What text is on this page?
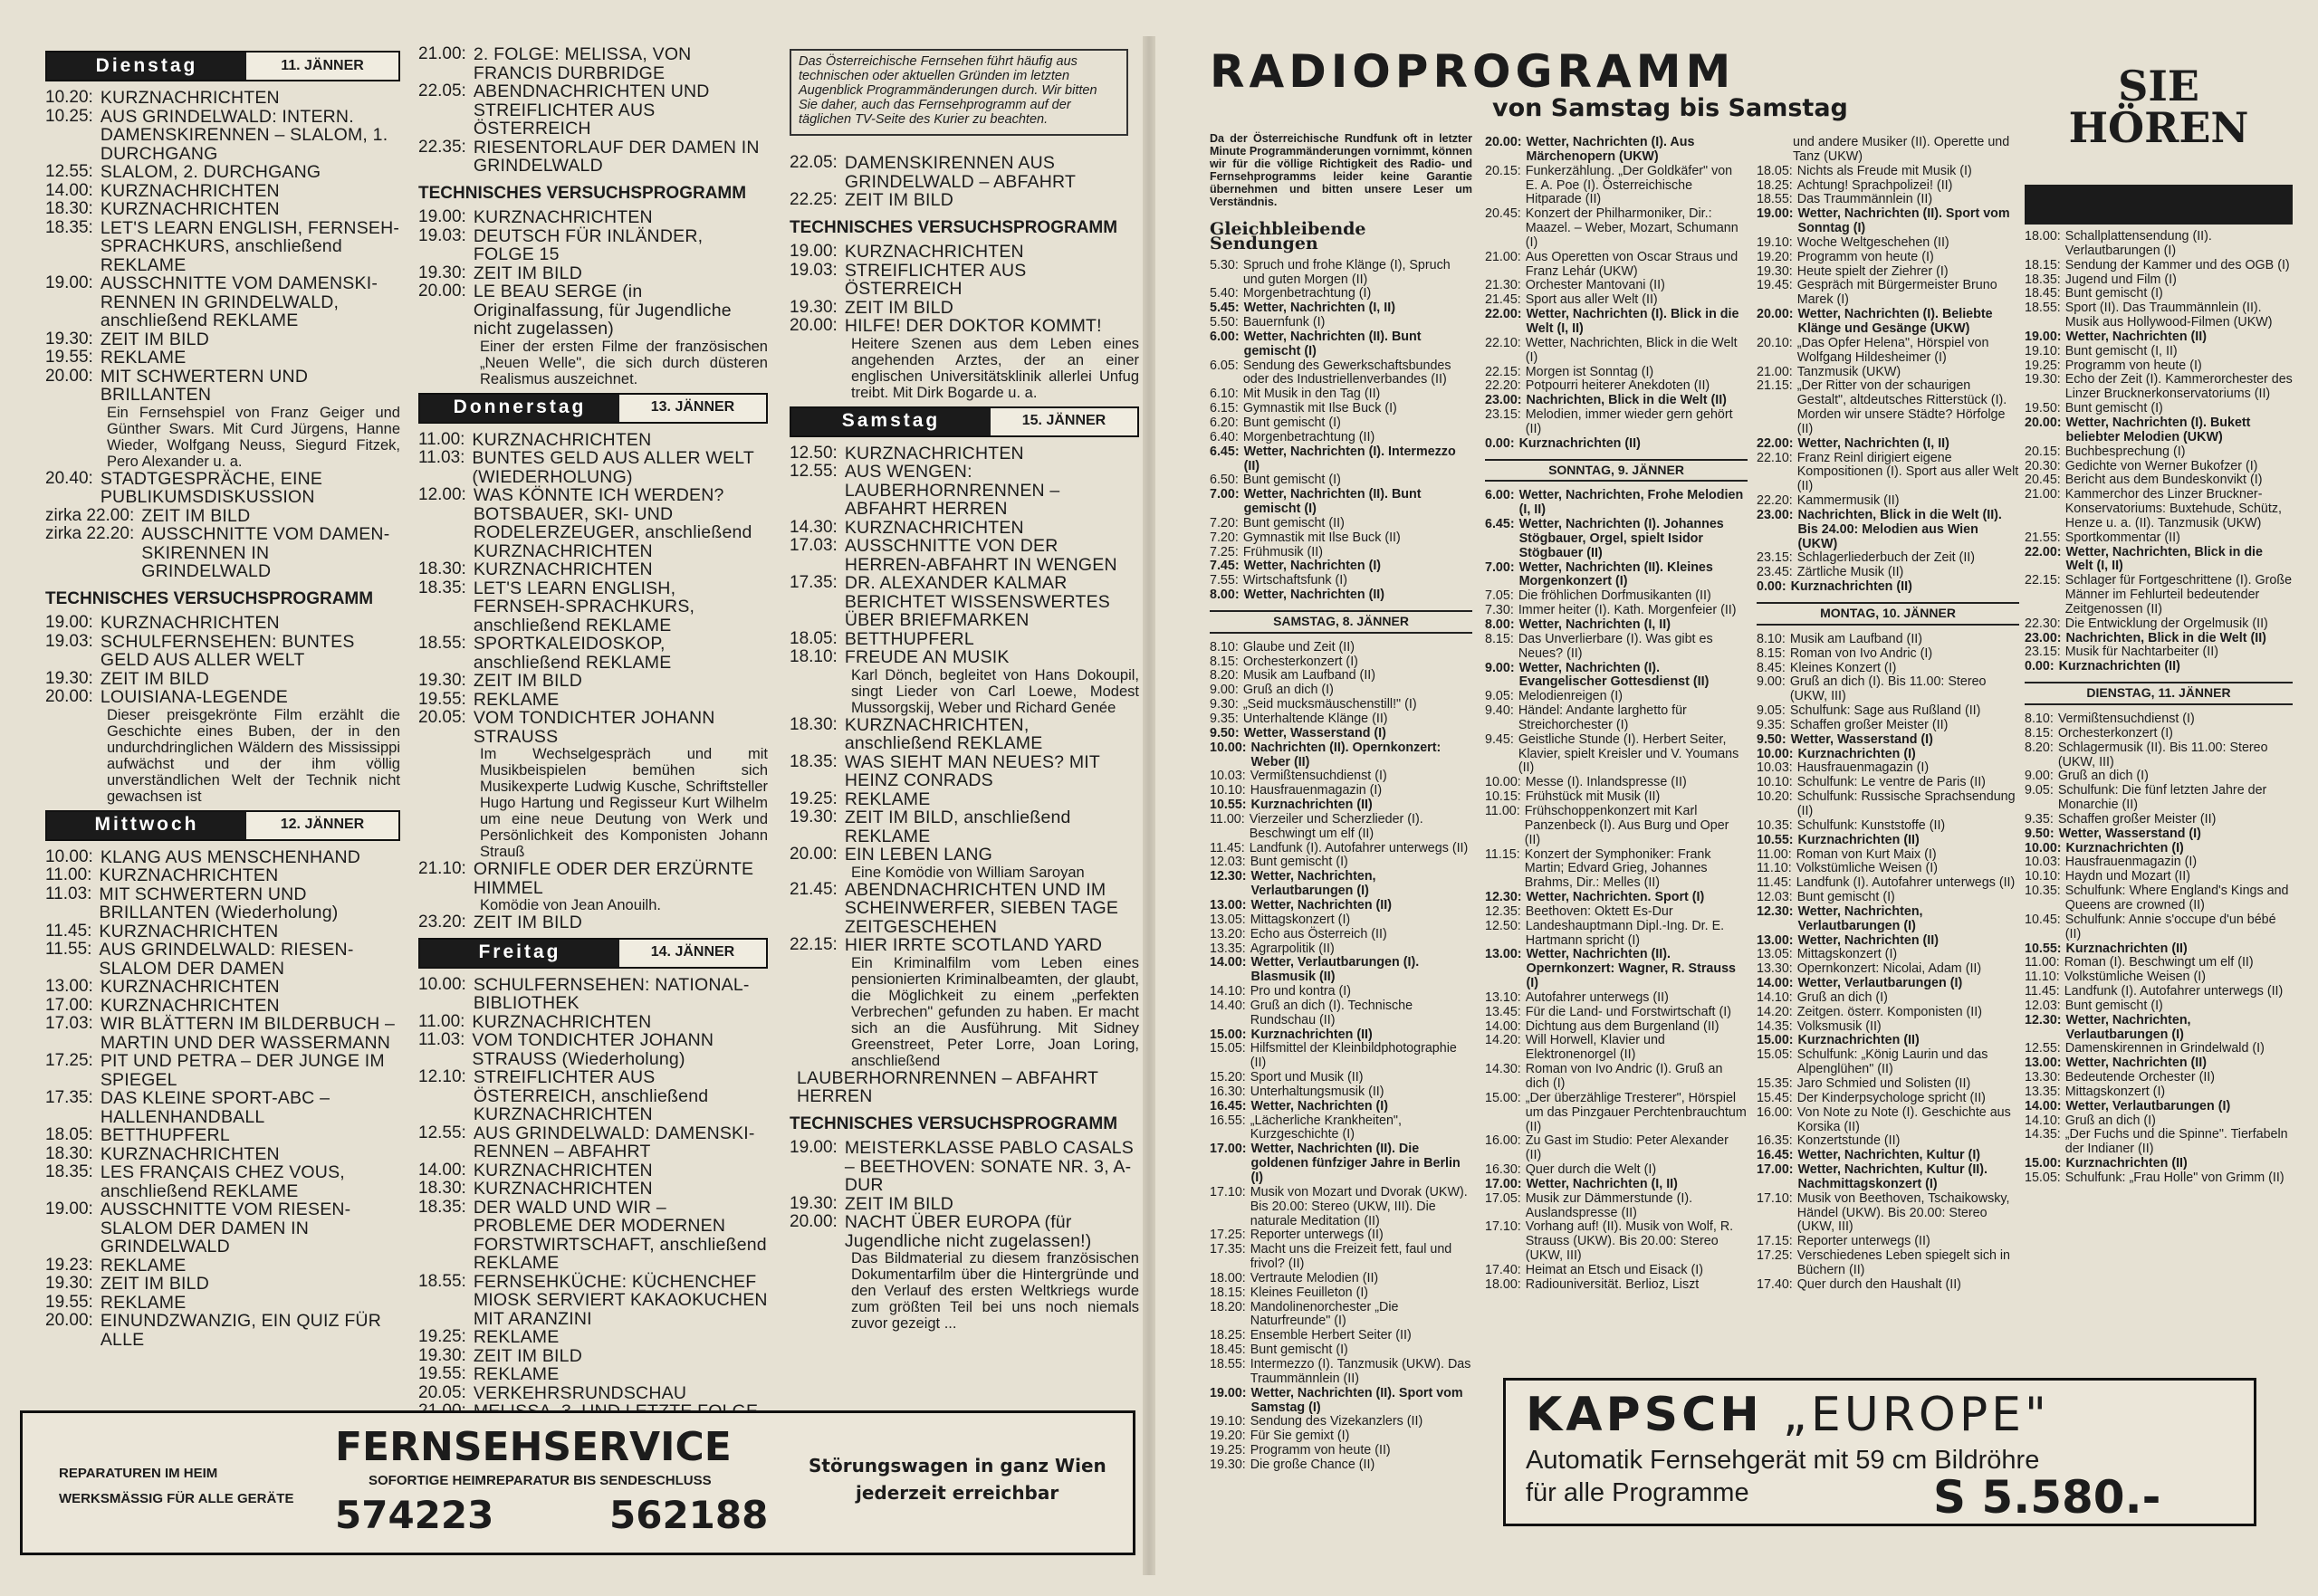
Dienstag	11. JÄNNER
10.20: KURZNACHRICHTEN
10.25: AUS GRINDELWALD: INTERN. DAMENSKIRENNEN – SLALOM, 1. DURCHGANG
12.55: SLALOM, 2. DURCHGANG
14.00: KURZNACHRICHTEN
18.30: KURZNACHRICHTEN
18.35: LET'S LEARN ENGLISH, FERNSEH-SPRACHKURS, anschließend REKLAME
19.00: AUSSCHNITTE VOM DAMENSKI-RENNEN IN GRINDELWALD, anschließend REKLAME
19.30: ZEIT IM BILD
19.55: REKLAME
20.00: MIT SCHWERTERN UND BRILLANTEN
Ein Fernsehspiel von Franz Geiger und Günther Swars. Mit Curd Jürgens, Hanne Wieder, Wolfgang Neuss, Siegurd Fitzek, Pero Alexander u. a.
20.40: STADTGESPRÄCHE, EINE PUBLIKUMSDISKUSSION
zirka 22.00: ZEIT IM BILD
zirka 22.20: AUSSCHNITTE VOM DAMEN-SKIRENNEN IN GRINDELWALD
TECHNISCHES VERSUCHSPROGRAMM
19.00: KURZNACHRICHTEN
19.03: SCHULFERNSEHEN: BUNTES GELD AUS ALLER WELT
19.30: ZEIT IM BILD
20.00: LOUISIANA-LEGENDE
Dieser preisgekrönte Film erzählt die Geschichte eines Buben, der in den undurchdringlichen Wäldern des Mississippi aufwächst und der ihm völlig unverständlichen Welt der Technik nicht gewachsen ist
Mittwoch	12. JÄNNER
10.00: KLANG AUS MENSCHENHAND
11.00: KURZNACHRICHTEN
11.03: MIT SCHWERTERN UND BRILLANTEN (Wiederholung)
11.45: KURZNACHRICHTEN
11.55: AUS GRINDELWALD: RIESEN-SLALOM DER DAMEN
13.00: KURZNACHRICHTEN
17.00: KURZNACHRICHTEN
17.03: WIR BLÄTTERN IM BILDERBUCH – MARTIN UND DER WASSERMANN
17.25: PIT UND PETRA – DER JUNGE IM SPIEGEL
17.35: DAS KLEINE SPORT-ABC – HALLENHANDBALL
18.05: BETTHUPFERL
18.30: KURZNACHRICHTEN
18.35: LES FRANÇAIS CHEZ VOUS, anschließend REKLAME
19.00: AUSSCHNITTE VOM RIESEN-SLALOM DER DAMEN IN GRINDELWALD
19.23: REKLAME
19.30: ZEIT IM BILD
19.55: REKLAME
20.00: EINUNDZWANZIG, EIN QUIZ FÜR ALLE
21.00: 2. FOLGE: MELISSA, VON FRANCIS DURBRIDGE
22.05: ABENDNACHRICHTEN UND STREIFLICHTER AUS ÖSTERREICH
22.35: RIESENTORLAUF DER DAMEN IN GRINDELWALD
TECHNISCHES VERSUCHSPROGRAMM
19.00: KURZNACHRICHTEN
19.03: DEUTSCH FÜR INLÄNDER, FOLGE 15
19.30: ZEIT IM BILD
20.00: LE BEAU SERGE (in Originalfassung, für Jugendliche nicht zugelassen)
Einer der ersten Filme der französischen „Neuen Welle", die sich durch düsteren Realismus auszeichnet.
Donnerstag	13. JÄNNER
11.00: KURZNACHRICHTEN
11.03: BUNTES GELD AUS ALLER WELT (WIEDERHOLUNG)
12.00: WAS KÖNNTE ICH WERDEN? BOTSBAUER, SKI- UND RODELERZEUGER, anschließend KURZNACHRICHTEN
18.30: KURZNACHRICHTEN
18.35: LET'S LEARN ENGLISH, FERNSEH-SPRACHKURS, anschließend REKLAME
18.55: SPORTKALEIDOSKOP, anschließend REKLAME
19.30: ZEIT IM BILD
19.55: REKLAME
20.05: VOM TONDICHTER JOHANN STRAUSS
Im Wechselgespräch und mit Musikbeispielen bemühen sich Musikexperte Ludwig Kusche, Schriftsteller Hugo Hartung und Regisseur Kurt Wilhelm um eine neue Deutung von Werk und Persönlichkeit des Komponisten Johann Strauß
21.10: ORNIFLE ODER DER ERZÜRNTE HIMMEL
Komödie von Jean Anouilh.
23.20: ZEIT IM BILD
Freitag	14. JÄNNER
10.00: SCHULFERNSEHEN: NATIONAL-BIBLIOTHEK
11.00: KURZNACHRICHTEN
11.03: VOM TONDICHTER JOHANN STRAUSS (Wiederholung)
12.10: STREIFLICHTER AUS ÖSTERREICH, anschließend KURZNACHRICHTEN
12.55: AUS GRINDELWALD: DAMENSKI-RENNEN – ABFAHRT
14.00: KURZNACHRICHTEN
18.30: KURZNACHRICHTEN
18.35: DER WALD UND WIR – PROBLEME DER MODERNEN FORSTWIRTSCHAFT, anschließend REKLAME
18.55: FERNSEHKÜCHE: KÜCHENCHEF MIOSK SERVIERT KAKAOKUCHEN MIT ARANZINI
19.25: REKLAME
19.30: ZEIT IM BILD
19.55: REKLAME
20.05: VERKEHRSRUNDSCHAU
Das Österreichische Fernsehen führt häufig aus technischen oder aktuellen Gründen im letzten Augenblick Programmänderungen durch. Wir bitten Sie daher, auch das Fernsehprogramm auf der täglichen TV-Seite des Kurier zu beachten.
22.05: DAMENSKIRENNEN AUS GRINDELWALD – ABFAHRT
22.25: ZEIT IM BILD
TECHNISCHES VERSUCHSPROGRAMM
19.00: KURZNACHRICHTEN
19.03: STREIFLICHTER AUS ÖSTERREICH
19.30: ZEIT IM BILD
20.00: HILFE! DER DOKTOR KOMMT!
Heitere Szenen aus dem Leben eines angehenden Arztes, der an einer englischen Universitätsklinik allerlei Unfug treibt. Mit Dirk Bogarde u. a.
Samstag	15. JÄNNER
12.50: KURZNACHRICHTEN
12.55: AUS WENGEN: LAUBERHORNRENNEN – ABFAHRT HERREN
14.30: KURZNACHRICHTEN
17.03: AUSSCHNITTE VON DER HERREN-ABFAHRT IN WENGEN
17.35: DR. ALEXANDER KALMAR BERICHTET WISSENSWERTES ÜBER BRIEFMARKEN
18.05: BETTHUPFERL
18.10: FREUDE AN MUSIK
Karl Dönch, begleitet von Hans Dokoupil, singt Lieder von Carl Loewe, Modest Mussorgskij, Weber und Richard Genée
18.30: KURZNACHRICHTEN, anschließend REKLAME
18.35: WAS SIEHT MAN NEUES? MIT HEINZ CONRADS
19.25: REKLAME
19.30: ZEIT IM BILD, anschließend REKLAME
20.00: EIN LEBEN LANG
Eine Komödie von William Saroyan
21.45: ABENDNACHRICHTEN UND IM SCHEINWERFER, SIEBEN TAGE ZEITGESCHEHEN
22.15: HIER IRRTE SCOTLAND YARD
Ein Kriminalfilm vom Leben eines pensionierten Kriminalbeamten, der glaubt, die Möglichkeit zu einem „perfekten Verbrechen" gefunden zu haben. Er macht sich an die Ausführung. Mit Sidney Greenstreet, Peter Lorre, Joan Loring, anschließend
LAUBERHORNRENNEN – ABFAHRT HERREN
TECHNISCHES VERSUCHSPROGRAMM
19.00: MEISTERKLASSE PABLO CASALS – BEETHOVEN: SONATE NR. 3, A-DUR
19.30: ZEIT IM BILD
20.00: NACHT ÜBER EUROPA (für Jugendliche nicht zugelassen!)
Das Bildmaterial zu diesem französischen Dokumentarfilm über die Hintergründe und den Verlauf des ersten Weltkriegs wurde zum größten Teil bei uns noch niemals zuvor gezeigt ...
RADIOPROGRAMM
von Samstag bis Samstag	SIE
HÖREN
Da der Österreichische Rundfunk oft in letzter Minute Programmänderungen vornimmt, können wir für die völlige Richtigkeit des Radio- und Fernsehprogramms leider keine Garantie übernehmen und bitten unsere Leser um Verständnis.
Gleichbleibende Sendungen
5.30: Spruch und frohe Klänge (I), Spruch und guten Morgen (II)
5.40: Morgenbetrachtung (I)
5.45: Wetter, Nachrichten (I, II)
5.50: Bauernfunk (I)
6.00: Wetter, Nachrichten (II). Bunt gemischt (I)
6.05: Sendung des Gewerkschaftsbundes oder des Industriellenverbandes (II)
6.10: Mit Musik in den Tag (II)
6.15: Gymnastik mit Ilse Buck (I)
6.20: Bunt gemischt (I)
6.40: Morgenbetrachtung (II)
6.45: Wetter, Nachrichten (I). Intermezzo (II)
6.50: Bunt gemischt (I)
7.00: Wetter, Nachrichten (II). Bunt gemischt (I)
7.20: Bunt gemischt (II)
7.20: Gymnastik mit Ilse Buck (II)
7.25: Frühmusik (II)
7.45: Wetter, Nachrichten (I)
7.55: Wirtschaftsfunk (I)
8.00: Wetter, Nachrichten (II)
SAMSTAG, 8. JÄNNER
8.10: Glaube und Zeit (II)
8.15: Orchesterkonzert (I)
8.20: Musik am Laufband (II)
9.00: Gruß an dich (I)
9.30: „Seid mucksmäuschenstill!" (I)
9.35: Unterhaltende Klänge (II)
9.50: Wetter, Wasserstand (I)
10.00: Nachrichten (II). Opernkonzert: Weber (II)
10.03: Vermißtensuchdienst (I)
10.10: Hausfrauenmagazin (I)
10.55: Kurznachrichten (II)
11.00: Vierzeiler und Scherzlieder (I). Beschwingt um elf (II)
11.45: Landfunk (I). Autofahrer unterwegs (II)
12.03: Bunt gemischt (I)
12.30: Wetter, Nachrichten, Verlautbarungen (I)
13.00: Wetter, Nachrichten (II)
13.05: Mittagskonzert (I)
13.20: Echo aus Österreich (II)
13.35: Agrarpolitik (II)
14.00: Wetter, Verlautbarungen (I). Blasmusik (II)
14.10: Pro und kontra (I)
14.40: Gruß an dich (I). Technische Rundschau (II)
15.00: Kurznachrichten (II)
15.05: Hilfsmittel der Kleinbildphotographie (II)
15.20: Sport und Musik (II)
16.30: Unterhaltungsmusik (II)
16.45: Wetter, Nachrichten (I)
16.55: „Lächerliche Krankheiten", Kurzgeschichte (I)
17.00: Wetter, Nachrichten (II). Die goldenen fünfziger Jahre in Berlin (I)
17.10: Musik von Mozart und Dvorak (UKW). Bis 20.00: Stereo (UKW, III). Die naturale Meditation (II)
17.25: Reporter unterwegs (II)
17.35: Macht uns die Freizeit fett, faul und frivol? (II)
18.00: Vertraute Melodien (II)
18.15: Kleines Feuilleton (I)
18.20: Mandolinenorchester „Die Naturfreunde" (I)
18.25: Ensemble Herbert Seiter (II)
18.45: Bunt gemischt (I)
18.55: Intermezzo (I). Tanzmusik (UKW). Das Traummännlein (II)
19.00: Wetter, Nachrichten (II). Sport vom Samstag (I)
19.10: Sendung des Vizekanzlers (II)
19.20: Für Sie gemixt (I)
19.25: Programm von heute (II)
19.30: Die große Chance (II)
20.00: Wetter, Nachrichten (I). Aus Märchenopern (UKW)
20.15: Funkerzählung. „Der Goldkäfer" von E. A. Poe (I). Österreichische Hitparade (II)
20.45: Konzert der Philharmoniker, Dir.: Maazel. – Weber, Mozart, Schumann (I)
21.00: Aus Operetten von Oscar Straus und Franz Lehár (UKW)
21.30: Orchester Mantovani (II)
21.45: Sport aus aller Welt (II)
22.00: Wetter, Nachrichten (I). Blick in die Welt (I, II)
22.10: Wetter, Nachrichten, Blick in die Welt (I)
22.15: Morgen ist Sonntag (I)
22.20: Potpourri heiterer Anekdoten (II)
23.00: Nachrichten, Blick in die Welt (II)
23.15: Melodien, immer wieder gern gehört (II)
0.00: Kurznachrichten (II)
SONNTAG, 9. JÄNNER
6.00: Wetter, Nachrichten, Frohe Melodien (I, II)
6.45: Wetter, Nachrichten (I). Johannes Stögbauer, Orgel, spielt Isidor Stögbauer (II)
7.00: Wetter, Nachrichten (II). Kleines Morgenkonzert (I)
7.05: Die fröhlichen Dorfmusikanten (II)
7.30: Immer heiter (I). Kath. Morgenfeier (II)
8.00: Wetter, Nachrichten (I, II)
8.15: Das Unverlierbare (I). Was gibt es Neues? (II)
9.00: Wetter, Nachrichten (I). Evangelischer Gottesdienst (II)
9.05: Melodienreigen (I)
9.40: Händel: Andante larghetto für Streichorchester (I)
9.45: Geistliche Stunde (I). Herbert Seiter, Klavier, spielt Kreisler und V. Youmans (II)
10.00: Messe (I). Inlandspresse (II)
10.15: Frühstück mit Musik (II)
11.00: Frühschoppenkonzert mit Karl Panzenbeck (I). Aus Burg und Oper (II)
11.15: Konzert der Symphoniker: Frank Martin; Edvard Grieg, Johannes Brahms, Dir.: Melles (II)
12.30: Wetter, Nachrichten. Sport (I)
12.35: Beethoven: Oktett Es-Dur
12.50: Landeshauptmann Dipl.-Ing. Dr. E. Hartmann spricht (I)
13.00: Wetter, Nachrichten (II). Opernkonzert: Wagner, R. Strauss (I)
13.10: Autofahrer unterwegs (II)
13.45: Für die Land- und Forstwirtschaft (I)
14.00: Dichtung aus dem Burgenland (II)
14.20: Will Horwell, Klavier und Elektronenorgel (II)
14.30: Roman von Ivo Andric (I). Gruß an dich (I)
15.00: „Der überzählige Tresterer", Hörspiel um das Pinzgauer Perchtenbrauchtum (II)
16.00: Zu Gast im Studio: Peter Alexander (II)
16.30: Quer durch die Welt (I)
17.00: Wetter, Nachrichten (I, II)
17.05: Musik zur Dämmerstunde (I). Auslandspresse (II)
17.10: Vorhang auf! (II). Musik von Wolf, R. Strauss (UKW). Bis 20.00: Stereo (UKW, III)
17.40: Heimat an Etsch und Eisack (I)
18.00: Radiouniversität. Berlioz, Liszt
und andere Musiker (II). Operette und Tanz (UKW)
18.05: Nichts als Freude mit Musik (I)
18.25: Achtung! Sprachpolizei! (II)
18.55: Das Traummännlein (II)
19.00: Wetter, Nachrichten (II). Sport vom Sonntag (I)
19.10: Woche Weltgeschehen (II)
19.20: Programm von heute (I)
19.30: Heute spielt der Ziehrer (I)
19.45: Gespräch mit Bürgermeister Bruno Marek (I)
20.00: Wetter, Nachrichten (I). Beliebte Klänge und Gesänge (UKW)
20.10: „Das Opfer Helena", Hörspiel von Wolfgang Hildesheimer (I)
21.00: Tanzmusik (UKW)
21.15: „Der Ritter von der schaurigen Gestalt", altdeutsches Ritterstück (I). Morden wir unsere Städte? Hörfolge (II)
22.00: Wetter, Nachrichten (I, II)
22.10: Franz Reinl dirigiert eigene Kompositionen (I). Sport aus aller Welt (II)
22.20: Kammermusik (II)
23.00: Nachrichten, Blick in die Welt (II). Bis 24.00: Melodien aus Wien (UKW)
23.15: Schlagerliederbuch der Zeit (II)
23.45: Zärtliche Musik (II)
0.00: Kurznachrichten (II)
MONTAG, 10. JÄNNER
8.10: Musik am Laufband (II)
8.15: Roman von Ivo Andric (I)
8.45: Kleines Konzert (I)
9.00: Gruß an dich (I). Bis 11.00: Stereo (UKW, III)
9.05: Schulfunk: Sage aus Rußland (II)
9.35: Schaffen großer Meister (II)
9.50: Wetter, Wasserstand (I)
10.00: Kurznachrichten (I)
10.03: Hausfrauenmagazin (I)
10.10: Schulfunk: Le ventre de Paris (II)
10.20: Schulfunk: Russische Sprachsendung (II)
10.35: Schulfunk: Kunststoffe (II)
10.55: Kurznachrichten (II)
11.00: Roman von Kurt Maix (I)
11.10: Volkstümliche Weisen (I)
11.45: Landfunk (I). Autofahrer unterwegs (II)
12.03: Bunt gemischt (I)
12.30: Wetter, Nachrichten, Verlautbarungen (I)
13.00: Wetter, Nachrichten (II)
13.05: Mittagskonzert (I)
13.30: Opernkonzert: Nicolai, Adam (II)
14.00: Wetter, Verlautbarungen (I)
14.10: Gruß an dich (I)
14.20: Zeitgen. österr. Komponisten (II)
14.35: Volksmusik (II)
15.00: Kurznachrichten (II)
15.05: Schulfunk: „König Laurin und das Alpenglühen" (II)
15.35: Jaro Schmied und Solisten (II)
15.45: Der Kinderpsychologe spricht (II)
16.00: Von Note zu Note (I). Geschichte aus Korsika (II)
16.35: Konzertstunde (II)
16.45: Wetter, Nachrichten, Kultur (I)
17.00: Wetter, Nachrichten, Kultur (II). Nachmittagskonzert (I)
17.10: Musik von Beethoven, Tschaikowsky, Händel (UKW). Bis 20.00: Stereo (UKW, III)
17.15: Reporter unterwegs (II)
17.25: Verschiedenes Leben spiegelt sich in Büchern (II)
17.40: Quer durch den Haushalt (II)
18.00: Schallplattensendung (II). Verlautbarungen (I)
18.15: Sendung der Kammer und des OGB (I)
18.35: Jugend und Film (I)
18.45: Bunt gemischt (I)
18.55: Sport (II). Das Traummännlein (II). Musik aus Hollywood-Filmen (UKW)
19.00: Wetter, Nachrichten (II)
19.10: Bunt gemischt (I, II)
19.25: Programm von heute (I)
19.30: Echo der Zeit (I). Kammerorchester des Linzer Brucknerkonservatoriums (II)
19.50: Bunt gemischt (I)
20.00: Wetter, Nachrichten (I). Bukett beliebter Melodien (UKW)
20.15: Buchbesprechung (I)
20.30: Gedichte von Werner Bukofzer (I)
20.45: Bericht aus dem Bundeskonvikt (I)
21.00: Kammerchor des Linzer Bruckner-Konservatoriums: Buxtehude, Schütz, Henze u. a. (II). Tanzmusik (UKW)
21.55: Sportkommentar (II)
22.00: Wetter, Nachrichten, Blick in die Welt (I, II)
22.15: Schlager für Fortgeschrittene (I). Große Männer im Fehlurteil bedeutender Zeitgenossen (II)
22.30: Die Entwicklung der Orgelmusik (II)
23.00: Nachrichten, Blick in die Welt (II)
23.15: Musik für Nachtarbeiter (II)
0.00: Kurznachrichten (II)
DIENSTAG, 11. JÄNNER
8.10: Vermißtensuchdienst (I)
8.15: Orchesterkonzert (I)
8.20: Schlagermusik (II). Bis 11.00: Stereo (UKW, III)
9.00: Gruß an dich (I)
9.05: Schulfunk: Die fünf letzten Jahre der Monarchie (II)
9.35: Schaffen großer Meister (II)
9.50: Wetter, Wasserstand (I)
10.00: Kurznachrichten (I)
10.03: Hausfrauenmagazin (I)
10.10: Haydn und Mozart (II)
10.35: Schulfunk: Where England's Kings and Queens are crowned (II)
10.45: Schulfunk: Annie s'occupe d'un bébé (II)
10.55: Kurznachrichten (II)
11.00: Roman (I). Beschwingt um elf (II)
11.10: Volkstümliche Weisen (I)
11.45: Landfunk (I). Autofahrer unterwegs (II)
12.03: Bunt gemischt (I)
12.30: Wetter, Nachrichten, Verlautbarungen (I)
12.55: Damenskirennen in Grindelwald (I)
13.00: Wetter, Nachrichten (II)
13.30: Bedeutende Orchester (II)
13.35: Mittagskonzert (I)
14.00: Wetter, Verlautbarungen (I)
14.10: Gruß an dich (I)
14.35: „Der Fuchs und die Spinne". Tierfabeln der Indianer (II)
15.00: Kurznachrichten (II)
15.05: Schulfunk: „Frau Holle" von Grimm (II)
REPARATUREN IM HEIM
WERKSMÄSSIG FÜR ALLE GERÄTE
FERNSEHSERVICE
SOFORTIGE HEIMREPARATUR BIS SENDESCHLUSS
574223	562188
Störungswagen in ganz Wien
jederzeit erreichbar
KAPSCH „EUROPE"
Automatik Fernsehgerät mit 59 cm Bildröhre
für alle Programme	S 5.580.-
